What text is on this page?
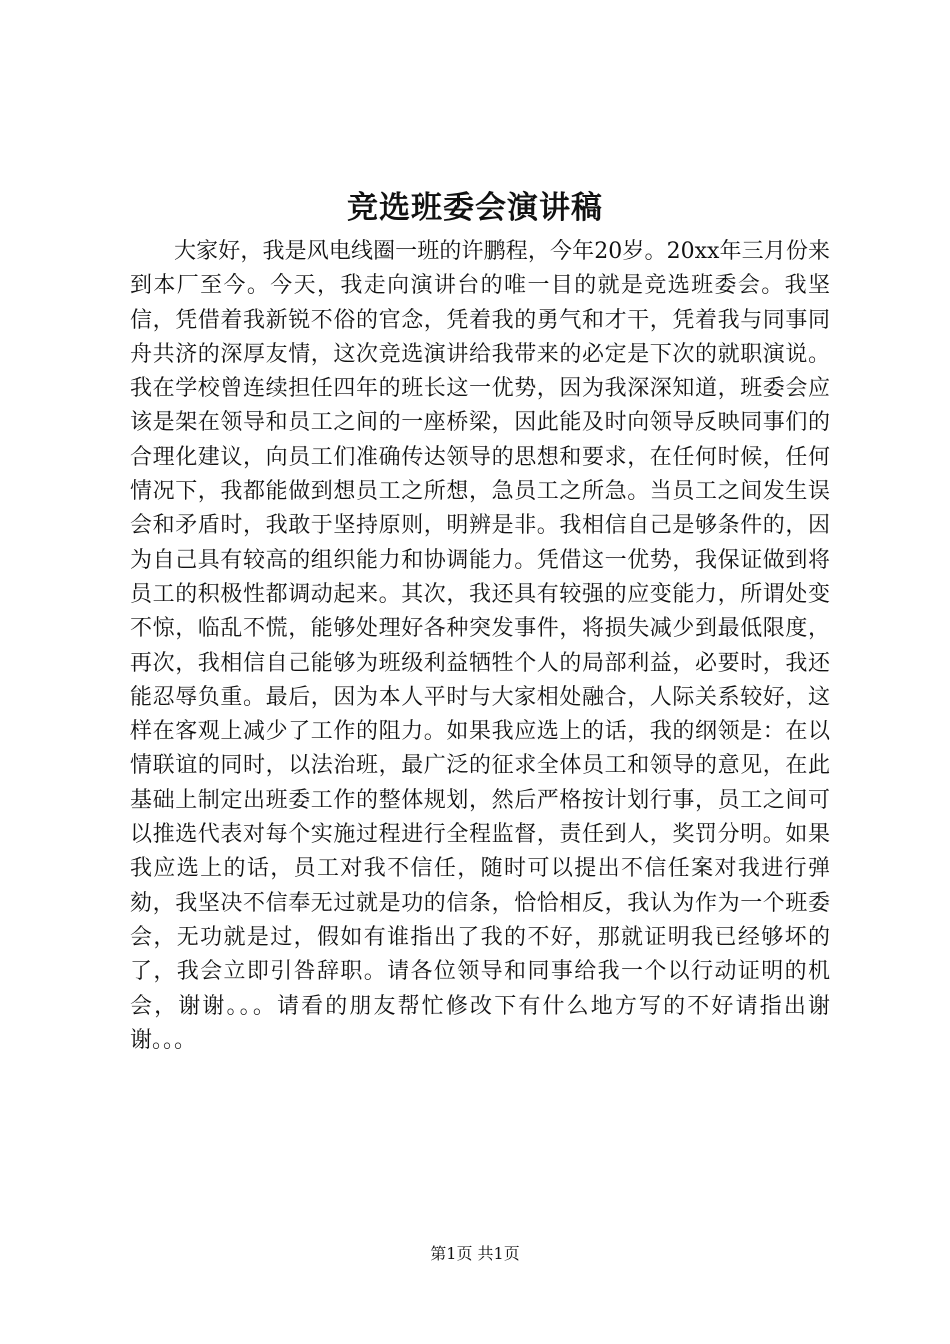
竞选班委会演讲稿

大家好，我是风电线圈一班的许鹏程，今年20岁。20xx年三月份来到本厂至今。今天，我走向演讲台的唯一目的就是竞选班委会。我坚信，凭借着我新锐不俗的官念，凭着我的勇气和才干，凭着我与同事同舟共济的深厚友情，这次竞选演讲给我带来的必定是下次的就职演说。我在学校曾连续担任四年的班长这一优势，因为我深深知道，班委会应该是架在领导和员工之间的一座桥梁，因此能及时向领导反映同事们的合理化建议，向员工们准确传达领导的思想和要求，在任何时候，任何情况下，我都能做到想员工之所想，急员工之所急。当员工之间发生误会和矛盾时，我敢于坚持原则，明辨是非。我相信自己是够条件的，因为自己具有较高的组织能力和协调能力。凭借这一优势，我保证做到将员工的积极性都调动起来。其次，我还具有较强的应变能力，所谓处变不惊，临乱不慌，能够处理好各种突发事件，将损失减少到最低限度，再次，我相信自己能够为班级利益牺牲个人的局部利益，必要时，我还能忍辱负重。最后，因为本人平时与大家相处融合，人际关系较好，这样在客观上减少了工作的阻力。如果我应选上的话，我的纲领是：在以情联谊的同时，以法治班，最广泛的征求全体员工和领导的意见，在此基础上制定出班委工作的整体规划，然后严格按计划行事，员工之间可以推选代表对每个实施过程进行全程监督，责任到人，奖罚分明。如果我应选上的话，员工对我不信任，随时可以提出不信任案对我进行弹劾，我坚决不信奉无过就是功的信条，恰恰相反，我认为作为一个班委会，无功就是过，假如有谁指出了我的不好，那就证明我已经够坏的了，我会立即引咎辞职。请各位领导和同事给我一个以行动证明的机会，谢谢。。。请看的朋友帮忙修改下有什么地方写的不好请指出谢谢。。。

第1页 共1页
